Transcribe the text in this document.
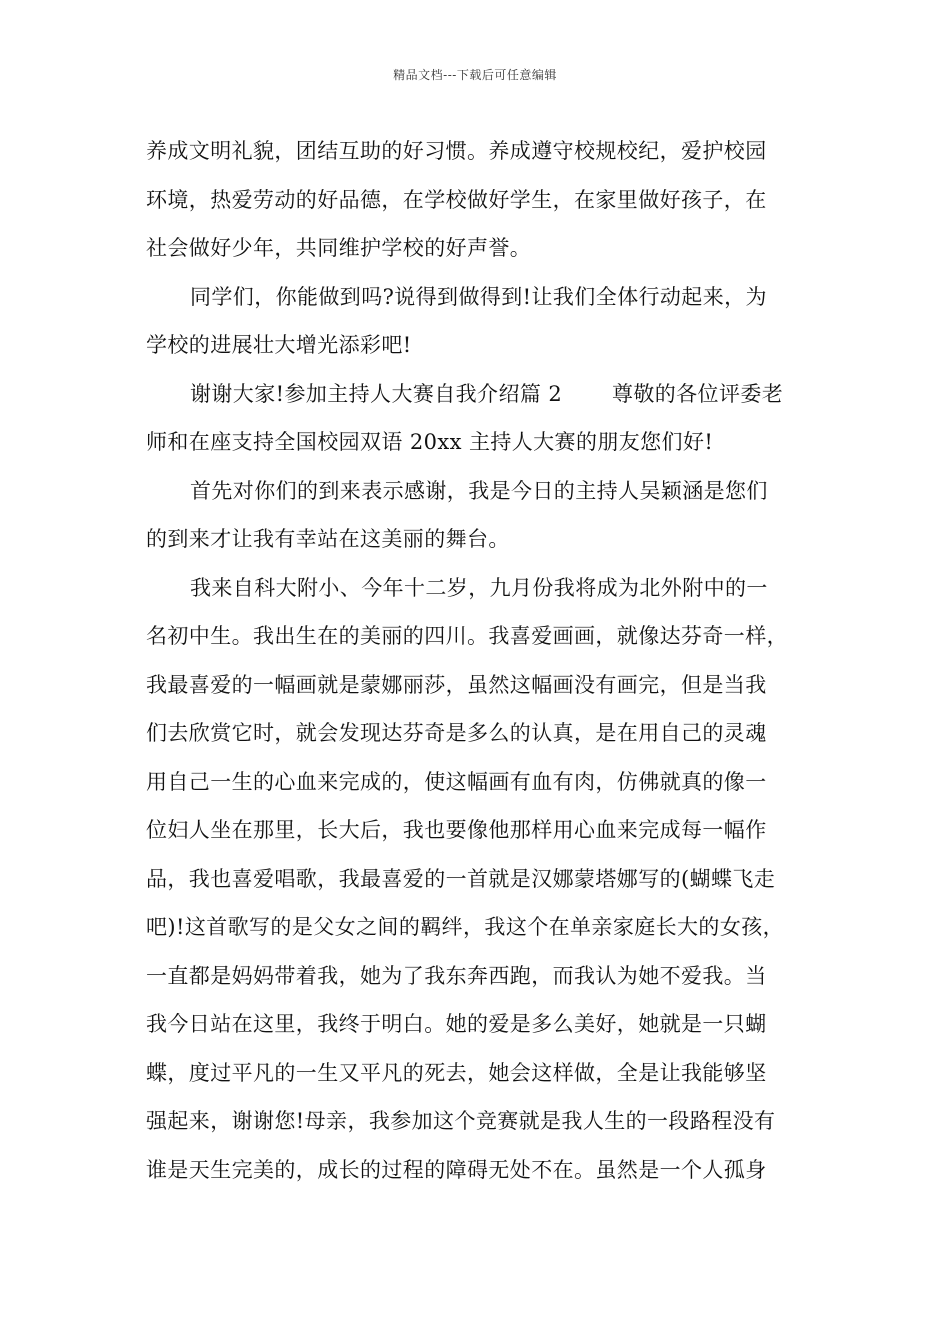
精品文档---下载后可任意编辑
养成文明礼貌，团结互助的好习惯。养成遵守校规校纪，爱护校园
环境，热爱劳动的好品德，在学校做好学生，在家里做好孩子，在
社会做好少年，共同维护学校的好声誉。
同学们，你能做到吗?说得到做得到!让我们全体行动起来，为
学校的进展壮大增光添彩吧!
谢谢大家!参加主持人大赛自我介绍篇 2　　 尊敬的各位评委老
师和在座支持全国校园双语 20xx 主持人大赛的朋友您们好!
首先对你们的到来表示感谢，我是今日的主持人吴颖涵是您们
的到来才让我有幸站在这美丽的舞台。
我来自科大附小、今年十二岁，九月份我将成为北外附中的一
名初中生。我出生在的美丽的四川。我喜爱画画，就像达芬奇一样，
我最喜爱的一幅画就是蒙娜丽莎，虽然这幅画没有画完，但是当我
们去欣赏它时，就会发现达芬奇是多么的认真，是在用自己的灵魂
用自己一生的心血来完成的，使这幅画有血有肉，仿佛就真的像一
位妇人坐在那里，长大后，我也要像他那样用心血来完成每一幅作
品，我也喜爱唱歌，我最喜爱的一首就是汉娜蒙塔娜写的(蝴蝶飞走
吧)!这首歌写的是父女之间的羁绊，我这个在单亲家庭长大的女孩，
一直都是妈妈带着我，她为了我东奔西跑，而我认为她不爱我。当
我今日站在这里，我终于明白。她的爱是多么美好，她就是一只蝴
蝶，度过平凡的一生又平凡的死去，她会这样做，全是让我能够坚
强起来，谢谢您!母亲，我参加这个竞赛就是我人生的一段路程没有
谁是天生完美的，成长的过程的障碍无处不在。虽然是一个人孤身
